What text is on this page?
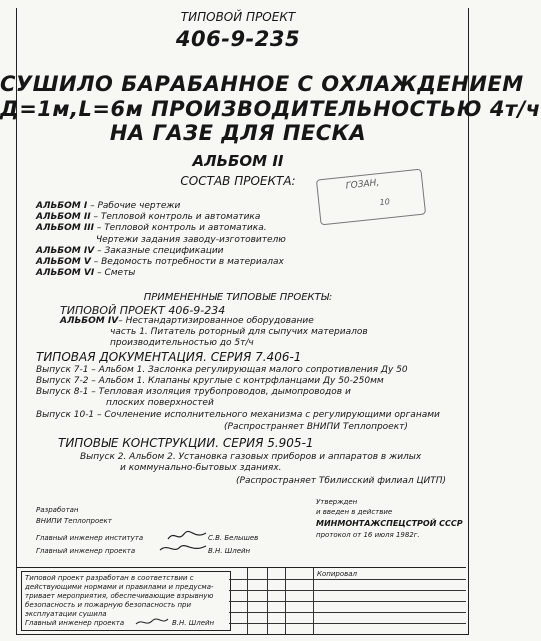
ТИПОВОЙ ПРОЕКТ
406-9-235
СУШИЛО БАРАБАННОЕ С ОХЛАЖДЕНИЕМ
Д=1м,L=6м ПРОИЗВОДИТЕЛЬНОСТЬЮ 4т/ч
НА ГАЗЕ ДЛЯ ПЕСКА
АЛЬБОМ II
СОСТАВ ПРОЕКТА:	ГОЗАН,
10
АЛЬБОМ I – Рабочие чертежи
АЛЬБОМ II – Тепловой контроль и автоматика
АЛЬБОМ III – Тепловой контроль и автоматика.
Чертежи задания заводу-изготовителю
АЛЬБОМ IV – Заказные спецификации
АЛЬБОМ V – Ведомость потребности в материалах
АЛЬБОМ VI – Сметы
ПРИМЕНЕННЫЕ ТИПОВЫЕ ПРОЕКТЫ:
ТИПОВОЙ ПРОЕКТ 406-9-234
АЛЬБОМ IV– Нестандартизированное оборудование
часть 1. Питатель роторный для сыпучих материалов
производительностью до 5т/ч
ТИПОВАЯ ДОКУМЕНТАЦИЯ. СЕРИЯ 7.406-1
Выпуск 7-1 – Альбом 1. Заслонка регулирующая малого сопротивления Ду 50
Выпуск 7-2 – Альбом 1. Клапаны круглые с контрфланцами Ду 50-250мм
Выпуск 8-1 – Тепловая изоляция трубопроводов, дымопроводов и
плоских поверхностей
Выпуск 10-1 – Сочленение исполнительного механизма с регулирующими органами
(Распространяет ВНИПИ Теплопроект)
ТИПОВЫЕ КОНСТРУКЦИИ. СЕРИЯ 5.905-1
Выпуск 2. Альбом 2. Установка газовых приборов и аппаратов в жилых
и коммунально-бытовых зданиях.
(Распространяет Тбилисский филиал ЦИТП)
Утвержден
и введен в действие
МИНМОНТАЖСПЕЦСТРОЙ СССР
протокол от 16 июля 1982г.
Разработан
ВНИПИ Теплопроект
Главный инженер института	С.В. Белышев
Главный инженер проекта	В.Н. Шлейн
Типовой проект разработан в соответствии с
действующими нормами и правилами и предусма-
тривает мероприятия, обеспечивающие взрывную
безопасность и пожарную безопасность при
эксплуатации сушила
Главный инженер проекта	В.Н. Шлейн
Копировал
